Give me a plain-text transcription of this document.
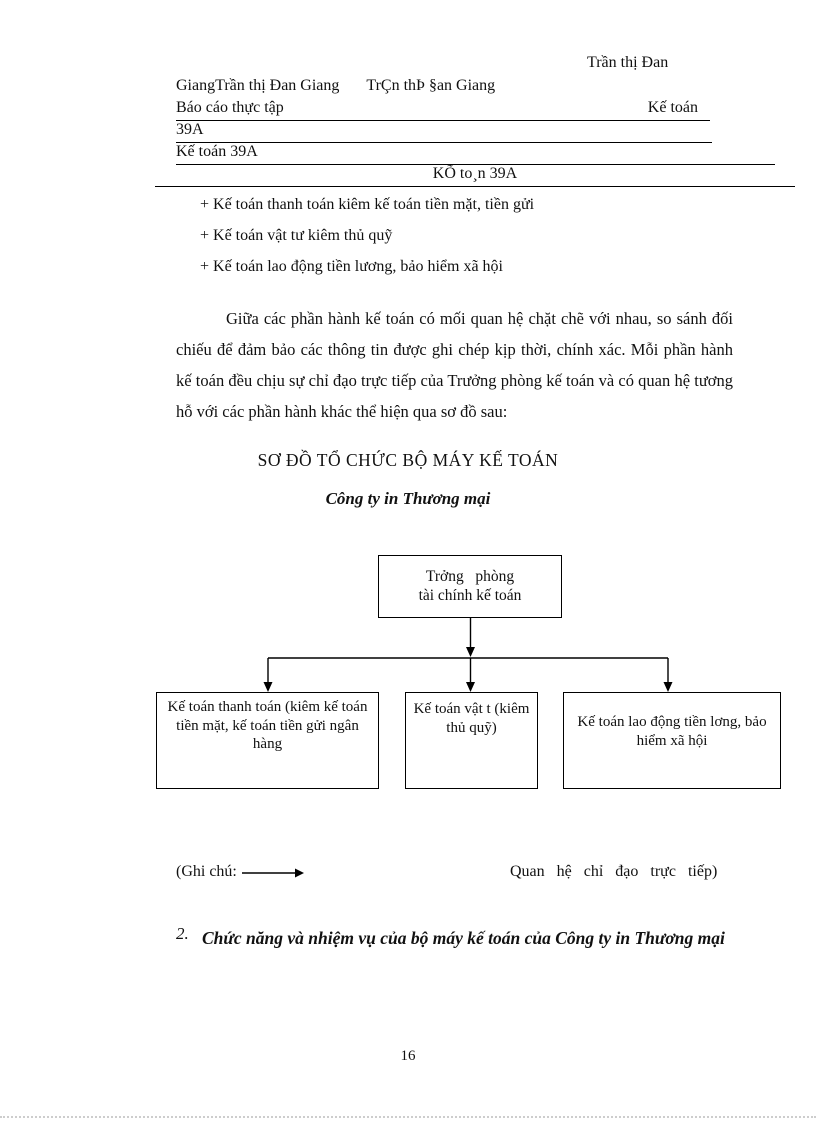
Trần thị Đan
GiangTrần thị Đan Giang TrÇn thÞ §an Giang
Báo cáo thực tập	Kế toán
39A
Kế toán 39A
KÕ to¸n 39A
+ Kế toán thanh toán kiêm kế toán tiền mặt, tiền gửi
+ Kế toán vật tư kiêm thủ quỹ
+ Kế toán lao động tiền lương, bảo hiểm xã hội
Giữa các phần hành kế toán có mối quan hệ chặt chẽ với nhau, so sánh đối chiếu để đảm bảo các thông tin được ghi chép kịp thời, chính xác. Mỗi phần hành kế toán đều chịu sự chỉ đạo trực tiếp của Trưởng phòng kế toán và có quan hệ tương hỗ với các phần hành khác thể hiện qua sơ đồ sau:
SƠ ĐỒ TỔ CHỨC BỘ MÁY KẾ TOÁN
Công ty in Thương mại
Trởng   phòng
tài chính kế toán
Kế toán thanh toán (kiêm kế toán tiền mặt, kế toán tiền gửi ngân hàng
Kế toán vật t (kiêm thủ quỹ)	Kế toán lao động tiền lơng, bảo hiểm xã hội
(Ghi chú:	Quan hệ chỉ đạo trực tiếp)
2. Chức năng và nhiệm vụ của bộ máy kế toán của Công ty in Thương mại
16
